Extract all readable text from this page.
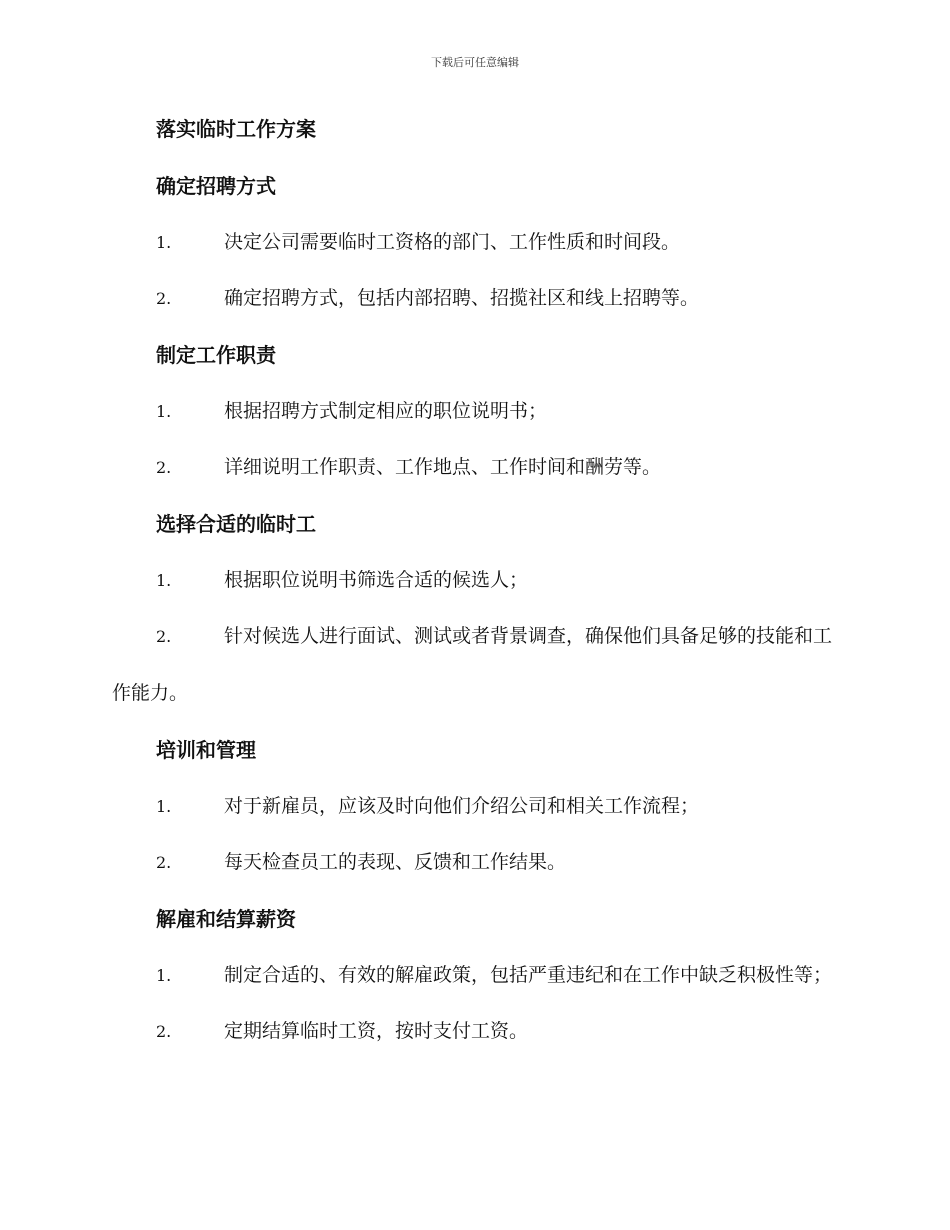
下载后可任意编辑
落实临时工作方案
确定招聘方式

1.	决定公司需要临时工资格的部门、工作性质和时间段。

2.	确定招聘方式，包括内部招聘、招揽社区和线上招聘等。

制定工作职责

1.	根据招聘方式制定相应的职位说明书；

2.	详细说明工作职责、工作地点、工作时间和酬劳等。

选择合适的临时工

1.	根据职位说明书筛选合适的候选人；

2.	针对候选人进行面试、测试或者背景调查，确保他们具备足够的技能和工作能力。

培训和管理

1.	对于新雇员，应该及时向他们介绍公司和相关工作流程；

2.	每天检查员工的表现、反馈和工作结果。

解雇和结算薪资

1.	制定合适的、有效的解雇政策，包括严重违纪和在工作中缺乏积极性等；

2.	定期结算临时工资，按时支付工资。
